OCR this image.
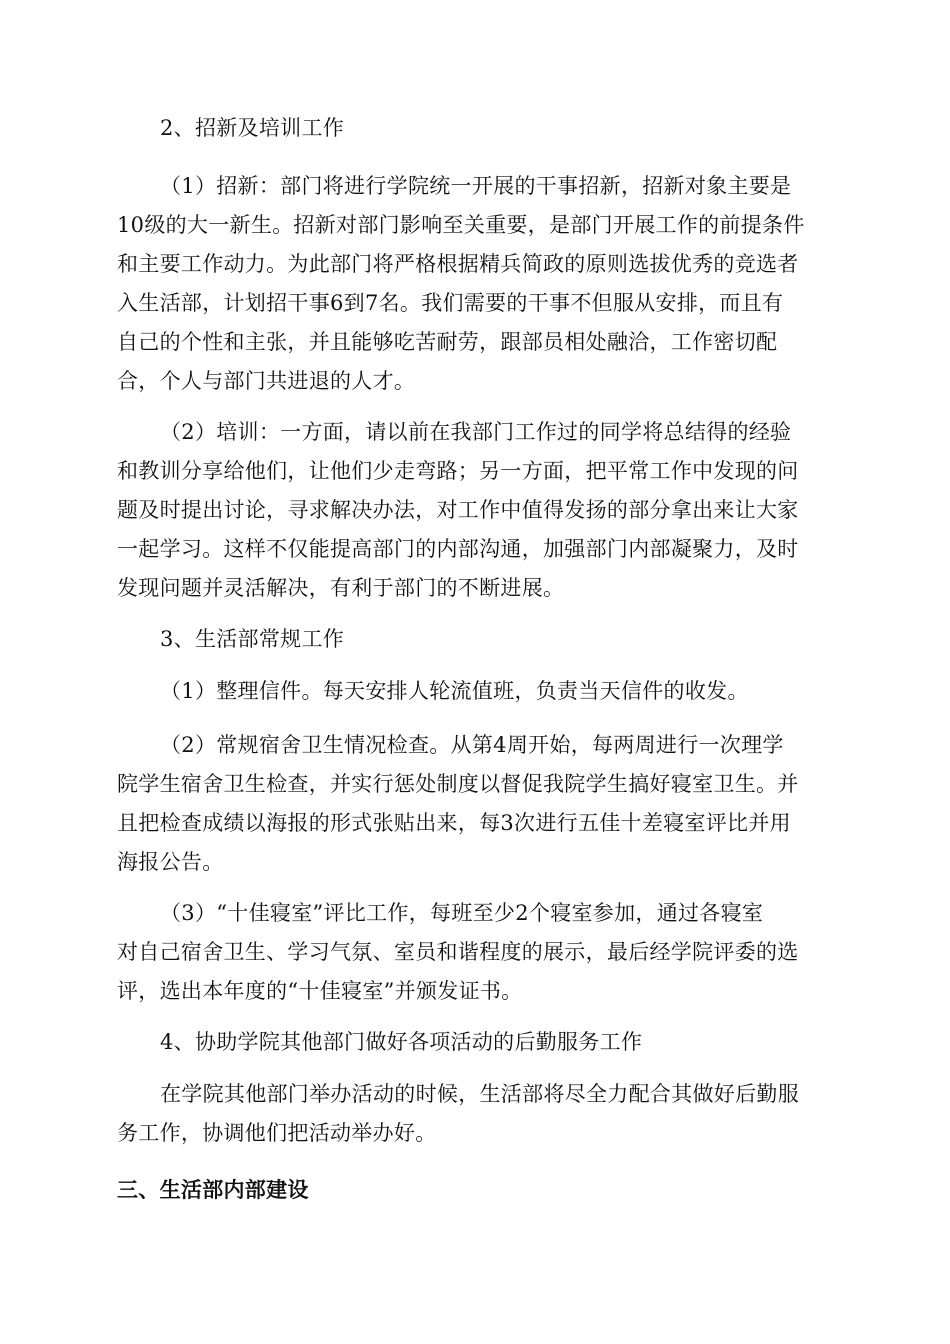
2、招新及培训工作
（1）招新：部门将进行学院统一开展的干事招新，招新对象主要是
10级的大一新生。招新对部门影响至关重要，是部门开展工作的前提条件
和主要工作动力。为此部门将严格根据精兵简政的原则选拔优秀的竞选者
入生活部，计划招干事6到7名。我们需要的干事不但服从安排，而且有
自己的个性和主张，并且能够吃苦耐劳，跟部员相处融洽，工作密切配
合，个人与部门共进退的人才。
（2）培训：一方面，请以前在我部门工作过的同学将总结得的经验
和教训分享给他们，让他们少走弯路；另一方面，把平常工作中发现的问
题及时提出讨论，寻求解决办法，对工作中值得发扬的部分拿出来让大家
一起学习。这样不仅能提高部门的内部沟通，加强部门内部凝聚力，及时
发现问题并灵活解决，有利于部门的不断进展。
3、生活部常规工作
（1）整理信件。每天安排人轮流值班，负责当天信件的收发。
（2）常规宿舍卫生情况检查。从第4周开始，每两周进行一次理学
院学生宿舍卫生检查，并实行惩处制度以督促我院学生搞好寝室卫生。并
且把检查成绩以海报的形式张贴出来，每3次进行五佳十差寝室评比并用
海报公告。
（3）“十佳寝室”评比工作，每班至少2个寝室参加，通过各寝室
对自己宿舍卫生、学习气氛、室员和谐程度的展示，最后经学院评委的选
评，选出本年度的“十佳寝室”并颁发证书。
4、协助学院其他部门做好各项活动的后勤服务工作
在学院其他部门举办活动的时候，生活部将尽全力配合其做好后勤服
务工作，协调他们把活动举办好。
三、生活部内部建设
